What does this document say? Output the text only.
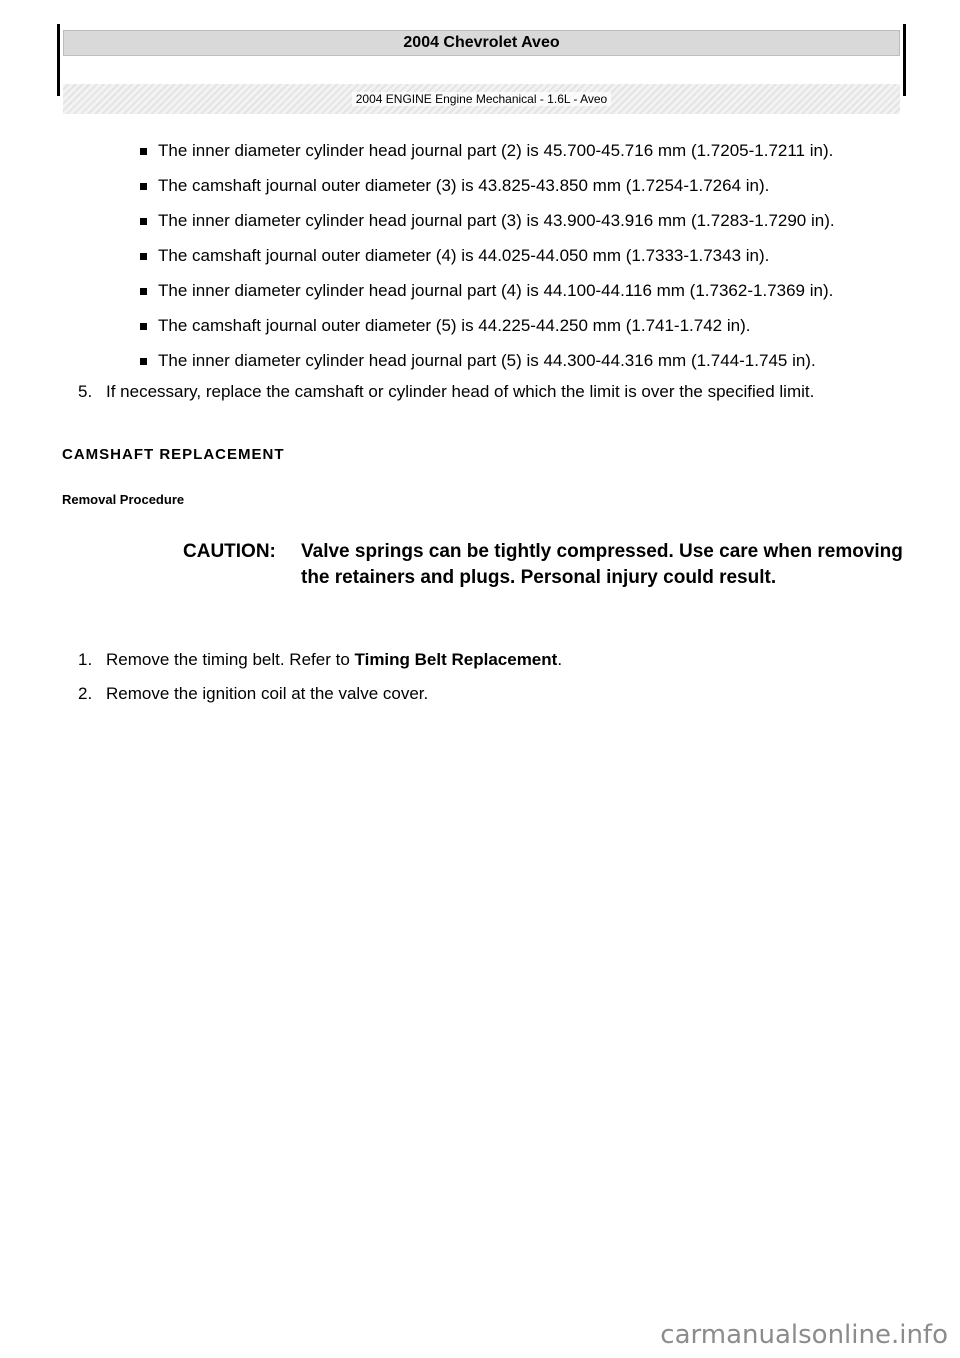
2004 Chevrolet Aveo
2004 ENGINE Engine Mechanical - 1.6L - Aveo
The inner diameter cylinder head journal part (2) is 45.700-45.716 mm (1.7205-1.7211 in).
The camshaft journal outer diameter (3) is 43.825-43.850 mm (1.7254-1.7264 in).
The inner diameter cylinder head journal part (3) is 43.900-43.916 mm (1.7283-1.7290 in).
The camshaft journal outer diameter (4) is 44.025-44.050 mm (1.7333-1.7343 in).
The inner diameter cylinder head journal part (4) is 44.100-44.116 mm (1.7362-1.7369 in).
The camshaft journal outer diameter (5) is 44.225-44.250 mm (1.741-1.742 in).
The inner diameter cylinder head journal part (5) is 44.300-44.316 mm (1.744-1.745 in).
5. If necessary, replace the camshaft or cylinder head of which the limit is over the specified limit.
CAMSHAFT REPLACEMENT
Removal Procedure
CAUTION: Valve springs can be tightly compressed. Use care when removing the retainers and plugs. Personal injury could result.
1. Remove the timing belt. Refer to Timing Belt Replacement.
2. Remove the ignition coil at the valve cover.
carmanualsonline.info
